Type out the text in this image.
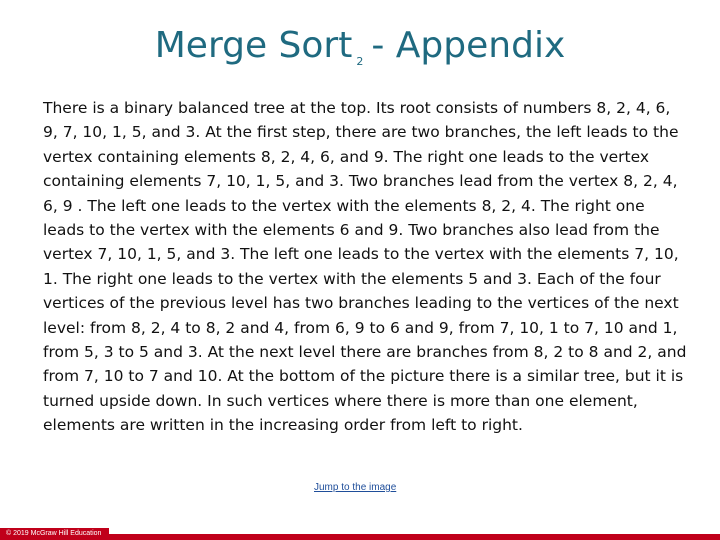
Merge Sort $_2$ - Appendix

There is a binary balanced tree at the top. Its root consists of numbers 8, 2, 4, 6, 9, 7, 10, 1, 5, and 3. At the first step, there are two branches, the left leads to the vertex containing elements 8, 2, 4, 6, and 9. The right one leads to the vertex containing elements 7, 10, 1, 5, and 3. Two branches lead from the vertex 8, 2, 4, 6, 9 . The left one leads to the vertex with the elements 8, 2, 4. The right one leads to the vertex with the elements 6 and 9. Two branches also lead from the vertex 7, 10, 1, 5, and 3. The left one leads to the vertex with the elements 7, 10, 1. The right one leads to the vertex with the elements 5 and 3. Each of the four vertices of the previous level has two branches leading to the vertices of the next level: from 8, 2, 4 to 8, 2 and 4, from 6, 9 to 6 and 9, from 7, 10, 1 to 7, 10 and 1, from 5, 3 to 5 and 3. At the next level there are branches from 8, 2 to 8 and 2, and from 7, 10 to 7 and 10. At the bottom of the picture there is a similar tree, but it is turned upside down. In such vertices where there is more than one element, elements are written in the increasing order from left to right.

Jump to the image
© 2019 McGraw Hill Education
